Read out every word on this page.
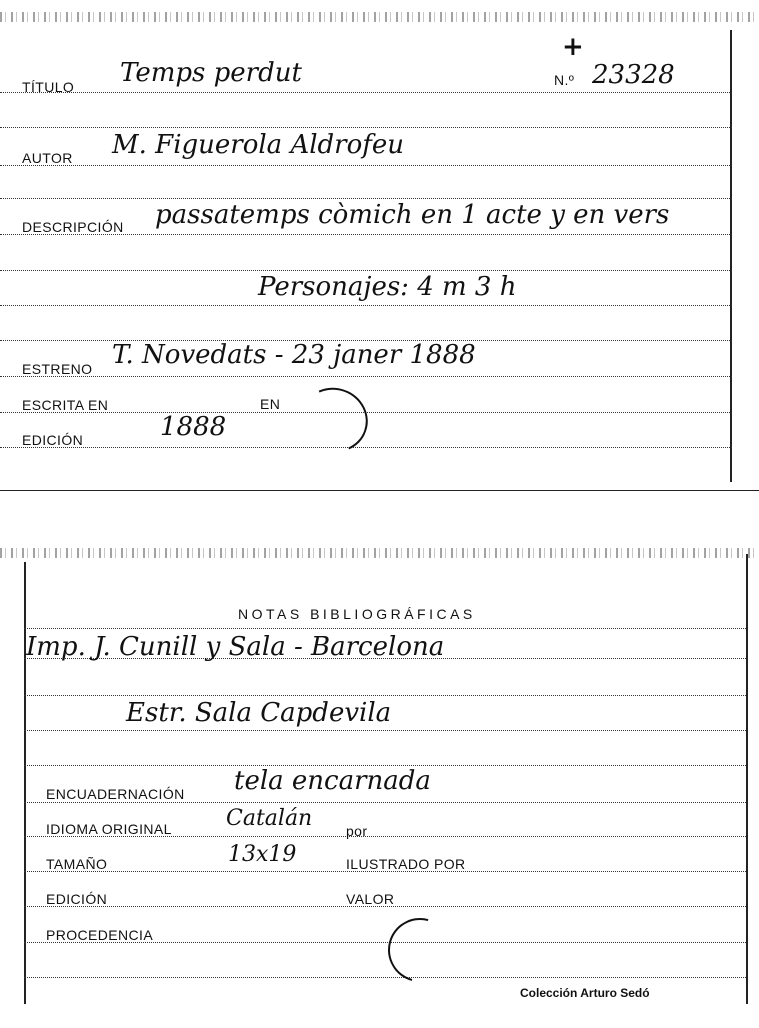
+
N.º 23328
TÍTULO Temps perdut
AUTOR M. Figuerola Aldrofeu
DESCRIPCIÓN passatemps còmich en 1 acte y en vers
Personajes: 4 m 3 h
ESTRENO T. Novedats - 23 janer 1888
ESCRITA EN	EN
EDICIÓN	1888
NOTAS BIBLIOGRÁFICAS
Imp. J. Cunill y Sala - Barcelona
Estr. Sala Capdevila
ENCUADERNACIÓN tela encarnada
IDIOMA ORIGINAL Catalán por
TAMAÑO	13x19	ILUSTRADO POR
EDICIÓN	VALOR
PROCEDENCIA
Colección Arturo Sedó
